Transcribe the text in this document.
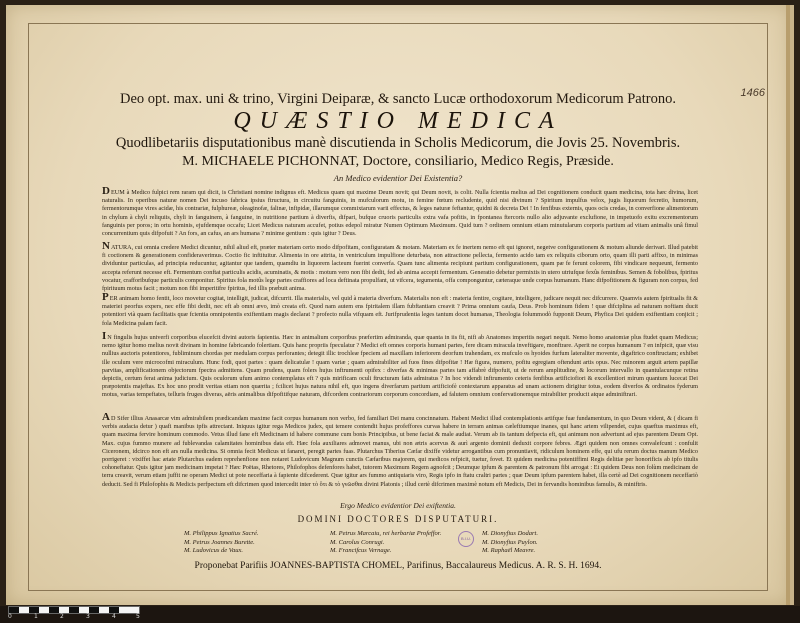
1466
Deo opt. max. uni & trino, Virgini Deiparæ, & sancto Lucæ orthodoxorum Medicorum Patrono.
QUÆSTIO MEDICA
Quodlibetariis disputationibus manè discutienda in Scholis Medicorum, die Jovis 25. Novembris.
M. MICHAELE PICHONNAT, Doctore, consiliario, Medico Regis, Præside.
An Medico evidentior Dei Existentia?
DEUM à Medico fulpici rem raram qui dicit, is Christiani nomine indignus eft. Medicus quam qui maxime Deum novit; qui Deum novit, is colit. Nulla fcientia melius ad Dei cognitionem conducit quam medicina, tota hæc divina, licet naturalis. In operibus naturæ nomen Dei incuso fabrica ipsius ftructura, in circuitu fanguinis, in mufculorum motu, in femine fœtum recludente, quid nisi divinum ? Spiritum impulfus velox, jugis liquorum fecretio, humorum, fermentorumque vires acidæ, his contrariæ, fulphureæ, oleaginofæ, falinæ, infipidæ, illarumque commixtarum varii effectus, & leges naturæ feftantur, quidni & decreta Dei ! In fenfibus externis, quos ocis credas, in converfione alimentorum in chylum à chyli reliquiis, chyli in fanguinem, à fanguine, in nutritione partium à diverfis, difpari, bufque cruoris particulis extra vafa pofitis, in fpontanea ftercoris nullo alio adjuvante exclufione, in impetuofo exitu excrementorum fanguinis per poros; in ortu hominis, ejufdemque occafu; Licet Medicus naturam accufet, potius edepol miratur Numen Optimum Maximum. Quid tum ? ordinem omnium etiam minutularum corporis partium ad vitam animalis unâ fimul concurrentium quis difpofuit ? An fors, an cafus, an ars humana ? minime gentium : quis igitur ? Deus.
NATURA, cui omnia credere Medici dicuntur, nihil aliud eft, præter materiam certo modo difpofitam, configuratam & motam. Materiam ex fe inertem nemo eft qui ignoret, negetve configurationem & motum aliunde derivari. Illud patebit fi coctionem & generationem confideraverimus. Coctio fic inftituitur. Alimenta in ore attrita, in ventriculum impulfione deturbata, non attractione pellecta, fermento acido tam ex reliquiis ciborum orto, quam illi parti affixo, in minimas dividuntur particulas, ad principia reducuntur, agitantur que tandem, quamdiu in liquorem lacteum fuerint converfa. Quam tunc alimenta recipiunt partium configurationem, quam pæ fe ferunt colorem, fibi vindicare nequeunt, fermento accepta referunt necesse eft. Fermentum conftat particulis acidis, acuminatis, & motis : motum vero non fibi dedit, fed ab anima accepit fermentum. Generatio debetur permixtis in utero utriufque fexûs feminibus. Semen & fobolibus, fpiritus vocatur, crafforibufque particulis componitur. Spiritus fola motûs lege partes craffiores ad loca deftinata propulfant, ut vifcera, tegumenta, offa componguntur, cæteraque unde corpus humanum. Hanc difpofitionem & figuram non corpus, fed fpirituum motus facit ; motum non fibi imperitifre fpiritus, fed illis præbuit anima.
PER animam homo fentit, loco movetur cogitat, intelligit, judicat, difcurrit. Illa materialis, vel quid à materia diverfum. Materialis non eft : materia fentire, cogitare, intelligere, judicare nequit nec difcurrere. Quamvis autem fpiritualis fit & materiei peorfus expers, nec effe fibi dedit, nec eft ab omni ævo, imò creata eft. Quod nam autem ens fpiritalem illam fubftantiam creavit ? Prima omnium caufa, Deus. Prob hominum fidem ! quæ difciplina ad naturam noftiam ducit potentiori vià quam facilitatis quæ fcientia omnipotentis exiftentiam magis declarat ? profecto nulla vifquam eft. Jurifprudentia leges tantum docet humanas, Theologia folummodò fupponit Deum, Phyfica Dei quidem exiftentiam conjicit ; fola Medicina palam facit.
IN fingulis hujus univerfi corporibus elucefcit divini autoris fapientia. Hæc in animalium corporibus præfertim admiranda, quæ quanta in iis fit, nifi ab Anatomes imperitis negari nequit. Nemo homo anatomiæ plus ftudet quam Medicus; nemo igitur homo melius novit divinam in homine fabricando folertiam. Quis hanc propriis fpeculatur ? Medici eft omnes corporis humani partes, fere dicam miracula inveftigare, monftrare. Aperit ne corpus humanum ? en infpicit, quæ visu nullius auctoris potentiores, fubliminum chordas per medulam corpus perforantes; detegit illic trochleæ fpeciem ad maxillam inferiorem deorfum trahendam, ex mufculo os hyoides furfum lateraliter movente, digaftrico conftructam; exhibet ille oculum vere microcofmi miraculum. Hunc fodi, quot partes : quam delicatulæ ! quam variæ ; quam admirabiliter ad fuos fines difpofitæ ! Hæ figura, numero, pofitu egregiam oftendunt artis opus. Nec minorem arguit artem papillæ parvitas, amplificationem objectorum fpectra admittens. Quam prudens, quam folers hujus inftrumenti opifex : diverfas & minimas partes tam affabrè difpofuit, ut de rerum amplitudine, & locorum intervallo in quantulacunque retina depictis, certum ferat anima judicium. Quis oculorum ufum animo contemplatus eft ? quis mirificam oculi ftructuram fatis admiratus ? In hoc videndi inftrumento ceteris fenfibus artificiofiori & excellentiori mirum quantum lucecat Dei præpotentis majeftas. Ex hoc uno prodit veritas etiam non quærita ; fcilicet hujus natura nihil eft, quo ingens diverfarum partium artificiofè contextarum apparatus ad unam actionem dirigitur totus, eodem diverfos & ordinatos fyderum motus, varias tempeftates, telluris fruges diveras, aëris animalibus difpofitifque naturam, difcordem contrariorum corporum concordiam, ad falutem omnium confervationemque mirabiliter producit atque adminiftrari.
AD Sifer illius Anasarcæ vim admirabilem prædicandam maxime facit corpus humanum non verbo, fed familiari Dei manu concinnatum. Habent Medici illud contemplationis artifque fuæ fundamentum, in quo Deum vident, & ( dicam fi verbis audacia detur ) quafi manibus ipfis attrectant. Iniquus igitur rega Medicos judex, qui temere contendit hujus profeffores curvas habere in terram animas cæleftiumque inanes, qui hanc artem vilipendet, cujus quæftus maximus eft, quam maxima fervire hominum commodo. Vetus illud fane eft Medicinam id habere commune cum bonis Principibus, ut bene faciat & male audiat. Verum ab iis tantum defpecta eft, qui animum non advertunt ad ejus parentem Deum Opt. Max. cujus fummo munere ad fublevandas calamitates hominibus data eft. Hæc fola auxiliares admovet manus, ubi non ætris acervus & aurì argento dominii deduxit corpore febres. Ægri quidem non omnes convalefcunt : confulit Ciceronem, idcirco non eft ars nulla medicina. Si omnia fecit Medicus ut fanaret, peregit partes fuas. Plutarchus Tiberius Cæfar dixiffe videtur arrogantibus cum pronuntiavit, ridiculum hominem effe, qui ufu rerum doctus manum Medico porrigeret : vixiffet hac ætate Plutarchus eadem reprehenfione non notaret Ludovicum Magnum cunctis Cæfaribus majorem, qui medicos refpicit, tuetur, fovet. Et quidem medicina potentiffimi Regis delitiæ per honorificis ab ipfo titulis cohoneftatur. Quis igitur jam medicinam impetat ? Hæc Poëtas, Rhetores, Philofophos defenfores habet, tutorem Maximum Regem agnofcit ; Deumque ipfum & parentem & patronum fibi arrogat : Et quidem Deus non folùm medicinam de terra creavit, verum etiam juffit ne operam Medici ut pote neceffaria à fapiente difcederent. Quæ igitur ars fummo antiquiaris viro, Regis ipfo in ftatu craltri partes ; quæ Deum ipfum parentem habet, illa certè ad Dei cognitionem neceffariò deducit. Sed fi Philofophis & Medicis perfpectum eft difcrimen quod intercedit inter τὸ ὅτι & τὸ γνῶσθαι divini Platonis ; illud certè difcrimen maximè notum eft Medicis, Dei in fervandis hominibus famulis, & miniftris.
Ergo Medico evidentior Dei exiftentia.
DOMINI DOCTORES DISPUTATURI.
M. Philippus Ignatius Sacré.
M. Petrus Joannes Burette.
M. Ludovicus de Vaux.
M. Petrus Marcaiu, rei herbariæ Profeffor.
M. Carolus Conrugi.
M. Francifcus Vernage.
M. Dionyfius Dodart.
M. Dionyfius Puylon.
M. Raphaël Meavre.
B.I.U.
Proponebat Parifiis JOANNES-BAPTISTA CHOMEL, Parifinus, Baccalaureus Medicus. A. R. S. H. 1694.
0	1	2	3	4	5
